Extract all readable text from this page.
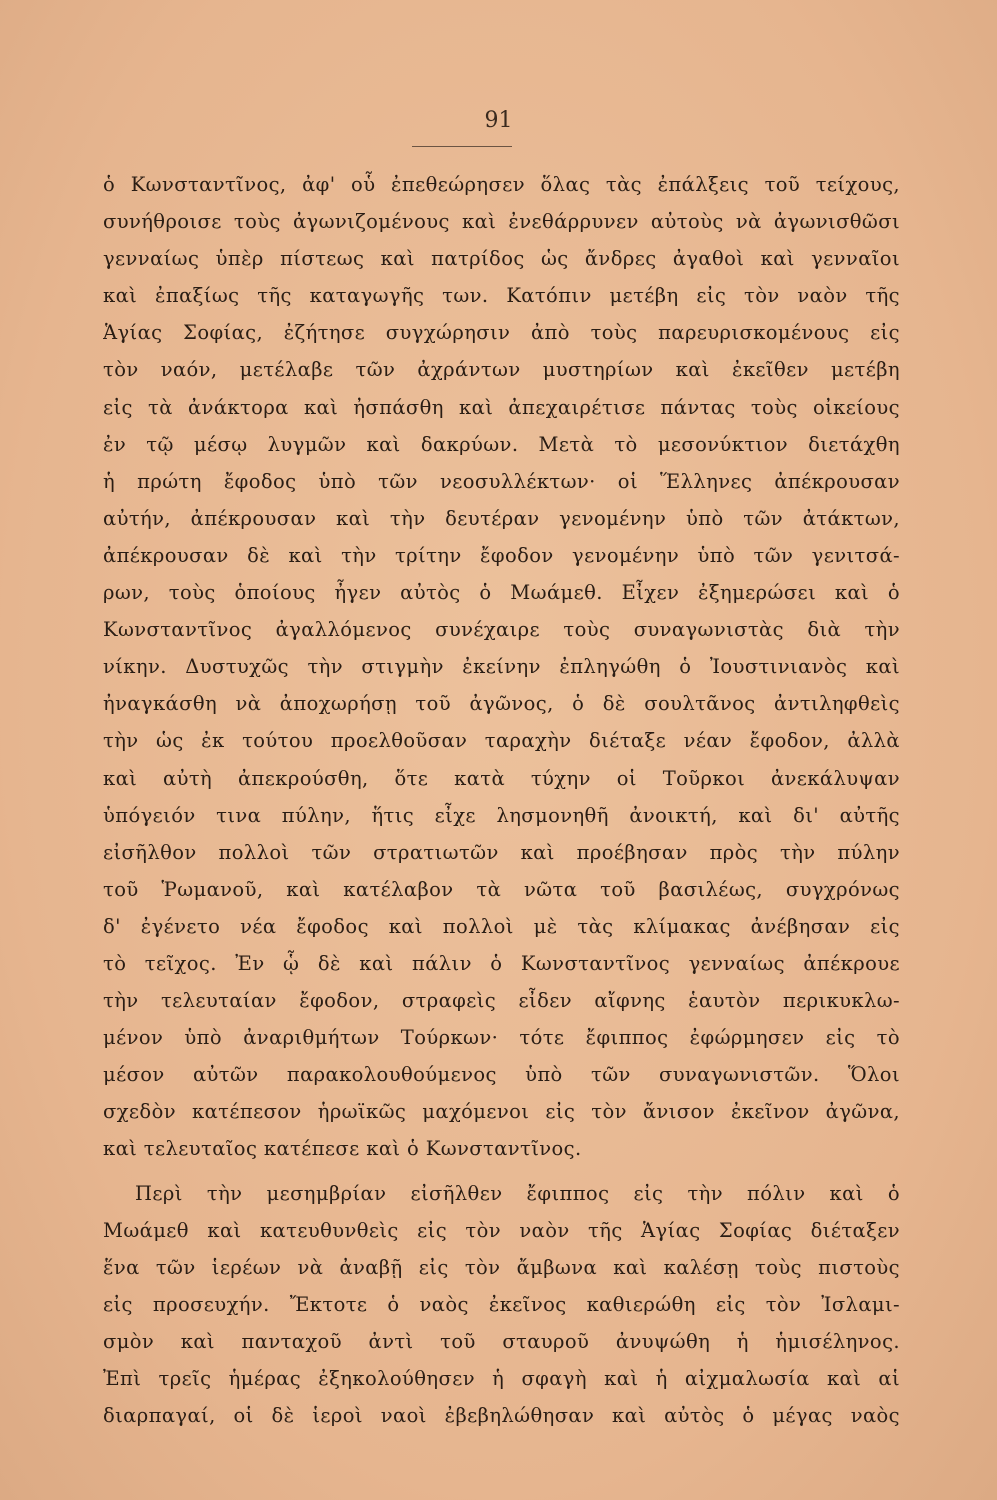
91
ὁ Κωνσταντῖνος, ἀφ' οὗ ἐπεθεώρησεν ὅλας τὰς ἐπάλξεις τοῦ τείχους,
συνήθροισε τοὺς ἀγωνιζομένους καὶ ἐνεθάρρυνεν αὐτοὺς νὰ ἀγωνισθῶσι
γενναίως ὑπὲρ πίστεως καὶ πατρίδος ὡς ἄνδρες ἀγαθοὶ καὶ γενναῖοι
καὶ ἐπαξίως τῆς καταγωγῆς των. Κατόπιν μετέβη εἰς τὸν ναὸν τῆς
Ἁγίας Σοφίας, ἐζήτησε συγχώρησιν ἀπὸ τοὺς παρευρισκομένους εἰς
τὸν ναόν, μετέλαβε τῶν ἀχράντων μυστηρίων καὶ ἐκεῖθεν μετέβη
εἰς τὰ ἀνάκτορα καὶ ἠσπάσθη καὶ ἀπεχαιρέτισε πάντας τοὺς οἰκείους
ἐν τῷ μέσῳ λυγμῶν καὶ δακρύων. Μετὰ τὸ μεσονύκτιον διετάχθη
ἡ πρώτη ἔφοδος ὑπὸ τῶν νεοσυλλέκτων· οἱ Ἕλληνες ἀπέκρουσαν
αὐτήν, ἀπέκρουσαν καὶ τὴν δευτέραν γενομένην ὑπὸ τῶν ἀτάκτων,
ἀπέκρουσαν δὲ καὶ τὴν τρίτην ἔφοδον γενομένην ὑπὸ τῶν γενιτσά-
ρων, τοὺς ὁποίους ἦγεν αὐτὸς ὁ Μωάμεθ. Εἶχεν ἐξημερώσει καὶ ὁ
Κωνσταντῖνος ἀγαλλόμενος συνέχαιρε τοὺς συναγωνιστὰς διὰ τὴν
νίκην. Δυστυχῶς τὴν στιγμὴν ἐκείνην ἐπληγώθη ὁ Ἰουστινιανὸς καὶ
ἠναγκάσθη νὰ ἀποχωρήσῃ τοῦ ἀγῶνος, ὁ δὲ σουλτᾶνος ἀντιληφθεὶς
τὴν ὡς ἐκ τούτου προελθοῦσαν ταραχὴν διέταξε νέαν ἔφοδον, ἀλλὰ
καὶ αὐτὴ ἀπεκρούσθη, ὅτε κατὰ τύχην οἱ Τοῦρκοι ἀνεκάλυψαν
ὑπόγειόν τινα πύλην, ἥτις εἶχε λησμονηθῆ ἀνοικτή, καὶ δι' αὐτῆς
εἰσῆλθον πολλοὶ τῶν στρατιωτῶν καὶ προέβησαν πρὸς τὴν πύλην
τοῦ Ῥωμανοῦ, καὶ κατέλαβον τὰ νῶτα τοῦ βασιλέως, συγχρόνως
δ' ἐγένετο νέα ἔφοδος καὶ πολλοὶ μὲ τὰς κλίμακας ἀνέβησαν εἰς
τὸ τεῖχος. Ἐν ᾧ δὲ καὶ πάλιν ὁ Κωνσταντῖνος γενναίως ἀπέκρουε
τὴν τελευταίαν ἔφοδον, στραφεὶς εἶδεν αἴφνης ἑαυτὸν περικυκλω-
μένον ὑπὸ ἀναριθμήτων Τούρκων· τότε ἔφιππος ἐφώρμησεν εἰς τὸ
μέσον αὐτῶν παρακολουθούμενος ὑπὸ τῶν συναγωνιστῶν. Ὅλοι
σχεδὸν κατέπεσον ἡρωϊκῶς μαχόμενοι εἰς τὸν ἄνισον ἐκεῖνον ἀγῶνα,
καὶ τελευταῖος κατέπεσε καὶ ὁ Κωνσταντῖνος.
Περὶ τὴν μεσημβρίαν εἰσῆλθεν ἔφιππος εἰς τὴν πόλιν καὶ ὁ
Μωάμεθ καὶ κατευθυνθεὶς εἰς τὸν ναὸν τῆς Ἁγίας Σοφίας διέταξεν
ἕνα τῶν ἱερέων νὰ ἀναβῇ εἰς τὸν ἄμβωνα καὶ καλέσῃ τοὺς πιστοὺς
εἰς προσευχήν. Ἔκτοτε ὁ ναὸς ἐκεῖνος καθιερώθη εἰς τὸν Ἰσλαμι-
σμὸν καὶ πανταχοῦ ἀντὶ τοῦ σταυροῦ ἀνυψώθη ἡ ἡμισέληνος.
Ἐπὶ τρεῖς ἡμέρας ἐξηκολούθησεν ἡ σφαγὴ καὶ ἡ αἰχμαλωσία καὶ αἱ
διαρπαγαί, οἱ δὲ ἱεροὶ ναοὶ ἐβεβηλώθησαν καὶ αὐτὸς ὁ μέγας ναὸς
